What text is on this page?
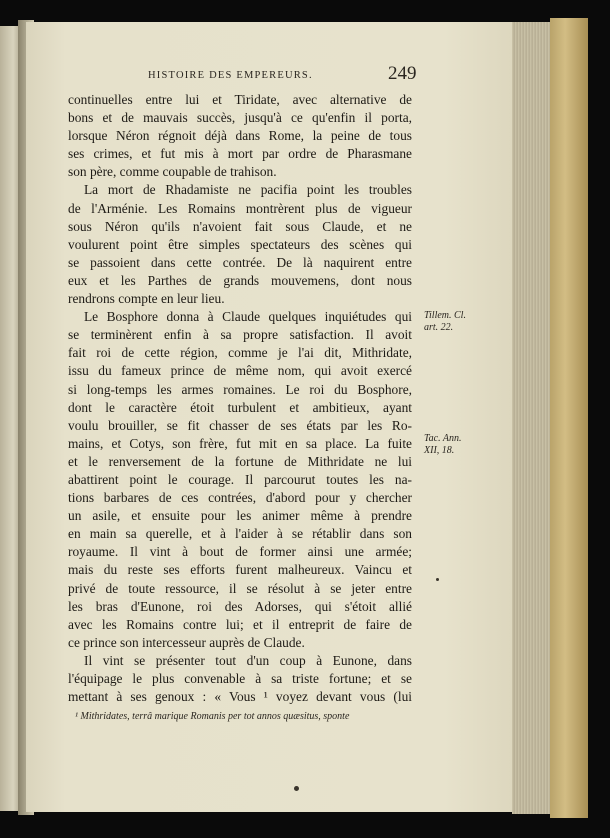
HISTOIRE DES EMPEREURS.	249
continuelles entre lui et Tiridate, avec alternative de
bons et de mauvais succès, jusqu'à ce qu'enfin il porta,
lorsque Néron régnoit déjà dans Rome, la peine de tous
ses crimes, et fut mis à mort par ordre de Pharasmane
son père, comme coupable de trahison.
La mort de Rhadamiste ne pacifia point les troubles
de l'Arménie. Les Romains montrèrent plus de vigueur
sous Néron qu'ils n'avoient fait sous Claude, et ne
voulurent point être simples spectateurs des scènes qui
se passoient dans cette contrée. De là naquirent entre
eux et les Parthes de grands mouvemens, dont nous
rendrons compte en leur lieu.
Le Bosphore donna à Claude quelques inquiétudes qui
se terminèrent enfin à sa propre satisfaction. Il avoit
fait roi de cette région, comme je l'ai dit, Mithridate,
issu du fameux prince de même nom, qui avoit exercé
si long-temps les armes romaines. Le roi du Bosphore,
dont le caractère étoit turbulent et ambitieux, ayant
voulu brouiller, se fit chasser de ses états par les Ro-
mains, et Cotys, son frère, fut mit en sa place. La fuite
et le renversement de la fortune de Mithridate ne lui
abattirent point le courage. Il parcourut toutes les na-
tions barbares de ces contrées, d'abord pour y chercher
un asile, et ensuite pour les animer même à prendre
en main sa querelle, et à l'aider à se rétablir dans son
royaume. Il vint à bout de former ainsi une armée;
mais du reste ses efforts furent malheureux. Vaincu et
privé de toute ressource, il se résolut à se jeter entre
les bras d'Eunone, roi des Adorses, qui s'étoit allié
avec les Romains contre lui; et il entreprit de faire de
ce prince son intercesseur auprès de Claude.
Il vint se présenter tout d'un coup à Eunone, dans
l'équipage le plus convenable à sa triste fortune; et se
mettant à ses genoux : « Vous ¹ voyez devant vous (lui
Tillem. Cl.
art. 22.
Tac. Ann.
XII, 18.
¹ Mithridates, terrâ marique Romanis per tot annos quæsitus, sponte
